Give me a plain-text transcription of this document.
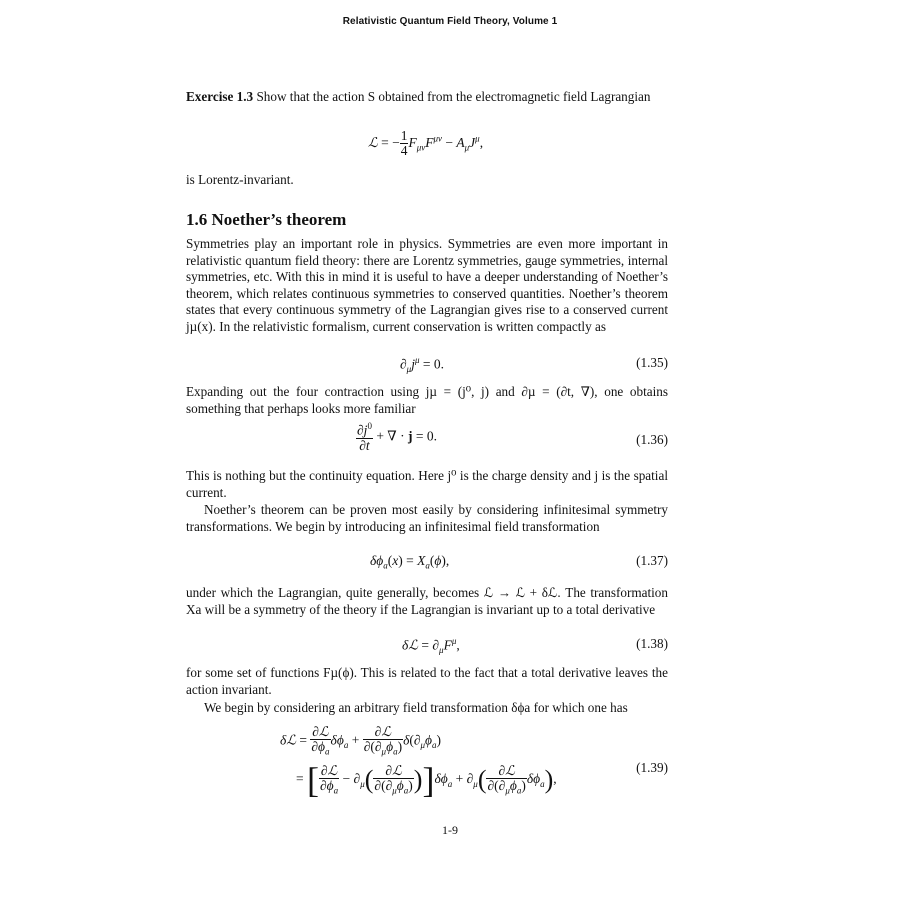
Relativistic Quantum Field Theory, Volume 1

Exercise 1.3 Show that the action S obtained from the electromagnetic field Lagrangian

ℒ = − $\frac{1}{4} F_{\mu\nu}F^{\mu\nu} - A_\mu J^\mu$,

is Lorentz-invariant.

1.6 Noether’s theorem

Symmetries play an important role in physics. Symmetries are even more important in relativistic quantum field theory: there are Lorentz symmetries, gauge symmetries, internal symmetries, etc. With this in mind it is useful to have a deeper understanding of Noether’s theorem, which relates continuous symmetries to conserved quantities. Noether’s theorem states that every continuous symmetry of the Lagrangian gives rise to a conserved current jµ(x). In the relativistic formalism, current conservation is written compactly as

$\partial_\mu j^\mu = 0$.	(1.35)

Expanding out the four contraction using jµ = (j⁰, j) and ∂µ = (∂t, ∇), one obtains something that perhaps looks more familiar

$\frac{\partial j^0}{\partial t}$ + ∇ · j = 0.	(1.36)

This is nothing but the continuity equation. Here j⁰ is the charge density and j is the spatial current.

Noether’s theorem can be proven most easily by considering infinitesimal symmetry transformations. We begin by introducing an infinitesimal field transformation

$\delta\phi_a(x) = X_a(\phi)$,	(1.37)

under which the Lagrangian, quite generally, becomes ℒ → ℒ + δℒ. The transformation Xa will be a symmetry of the theory if the Lagrangian is invariant up to a total derivative

δℒ = $\partial_\mu F^\mu$,	(1.38)

for some set of functions Fµ(ϕ). This is related to the fact that a total derivative leaves the action invariant.

We begin by considering an arbitrary field transformation δϕa for which one has

δℒ = $\frac{\text{∂ℒ}}{\partial\phi_a} \delta\phi_a + \frac{\text{∂ℒ}}{\partial(\partial_\mu\phi_a)} \delta(\partial_\mu\phi_a)$
= [ $\frac{\text{∂ℒ}}{\partial\phi_a} - \partial_\mu( \frac{\text{∂ℒ}}{\partial(\partial_\mu\phi_a)} )]\delta\phi_a + \partial_\mu( \frac{\text{∂ℒ}}{\partial(\partial_\mu\phi_a)} \delta\phi_a)$,
(1.39)
1-9
